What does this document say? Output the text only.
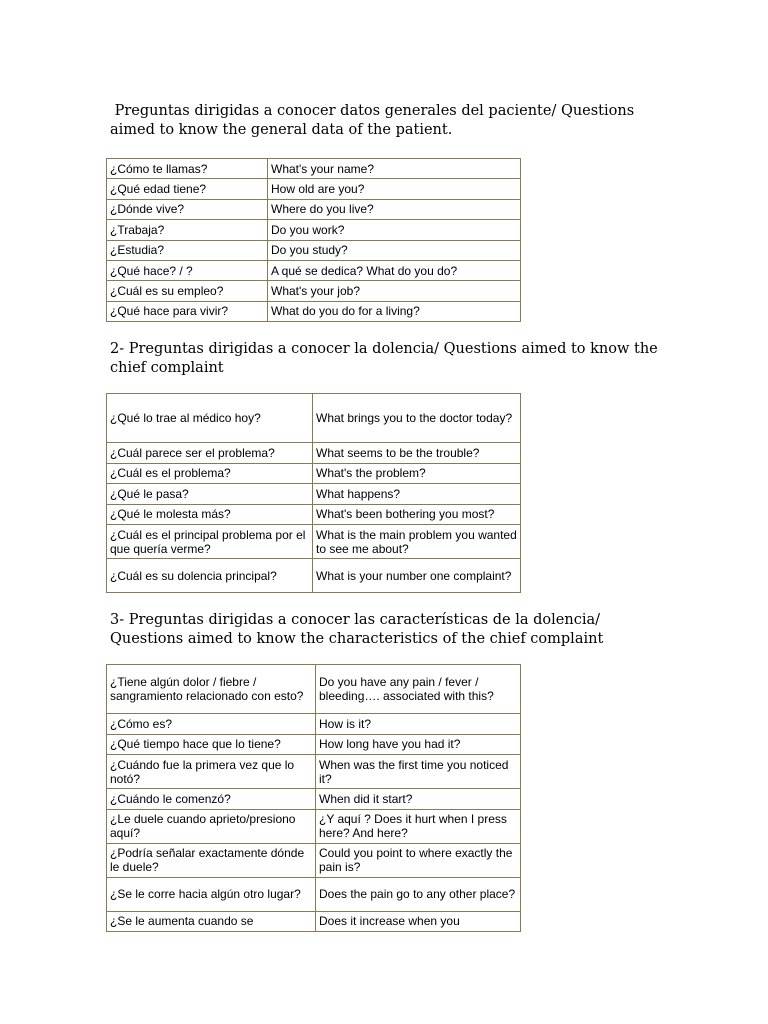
Preguntas dirigidas a conocer datos generales del paciente/ Questions aimed to know the general data of the patient.

¿Cómo te llamas?	What's your name?
¿Qué edad tiene?	How old are you?
¿Dónde vive?	Where do you live?
¿Trabaja?	Do you work?
¿Estudia?	Do you study?
¿Qué hace? / ?	A qué se dedica? What do you do?
¿Cuál es su empleo?	What's your job?
¿Qué hace para vivir?	What do you do for a living?

2- Preguntas dirigidas a conocer la dolencia/ Questions aimed to know the chief complaint

¿Qué lo trae al médico hoy?	What brings you to the doctor today?
¿Cuál parece ser el problema?	What seems to be the trouble?
¿Cuál es el problema?	What's the problem?
¿Qué le pasa?	What happens?
¿Qué le molesta más?	What's been bothering you most?
¿Cuál es el principal problema por el que quería verme?	What is the main problem you wanted to see me about?
¿Cuál es su dolencia principal?	What is your number one complaint?

3- Preguntas dirigidas a conocer las características de la dolencia/ Questions aimed to know the characteristics of the chief complaint

¿Tiene algún dolor / fiebre / sangramiento relacionado con esto?	Do you have any pain / fever / bleeding…. associated with this?
¿Cómo es?	How is it?
¿Qué tiempo hace que lo tiene?	How long have you had it?
¿Cuándo fue la primera vez que lo notó?	When was the first time you noticed it?
¿Cuándo le comenzó?	When did it start?
¿Le duele cuando aprieto/presiono aquí?	¿Y aquí ? Does it hurt when I press here? And here?
¿Podría señalar exactamente dónde le duele?	Could you point to where exactly the pain is?
¿Se le corre hacia algún otro lugar?	Does the pain go to any other place?
¿Se le aumenta cuando se	Does it increase when you
